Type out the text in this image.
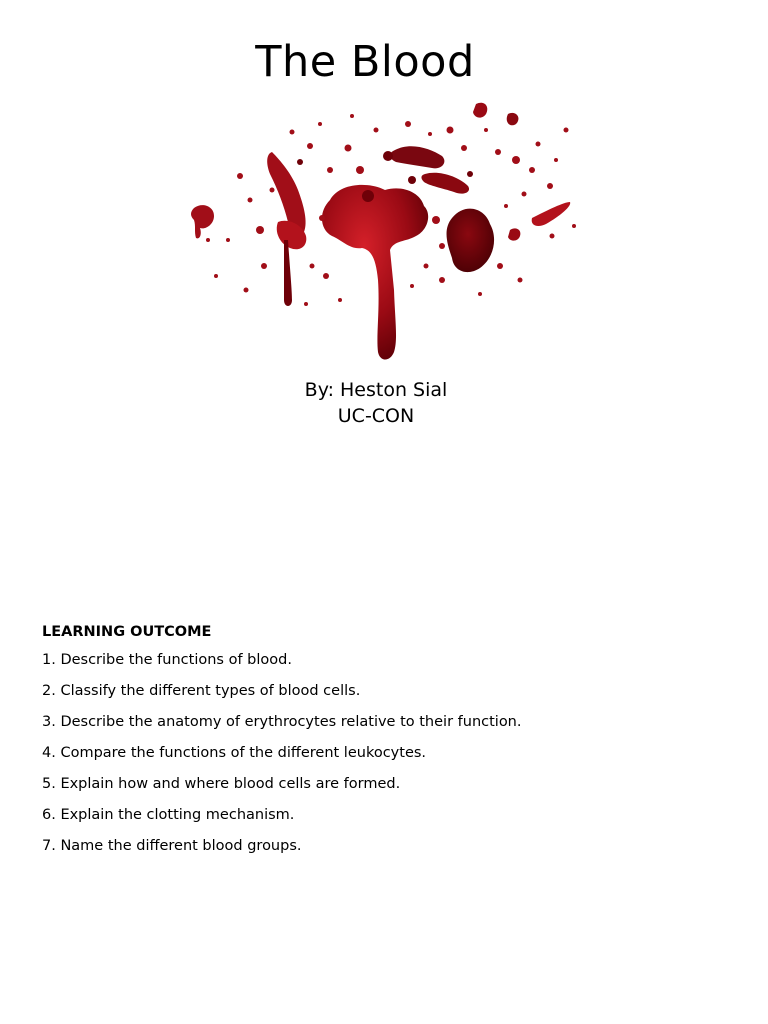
The Blood
By: Heston Sial
UC-CON
LEARNING OUTCOME
1. Describe the functions of blood.
2. Classify the different types of blood cells.
3. Describe the anatomy of erythrocytes relative to their function.
4. Compare the functions of the different leukocytes.
5. Explain how and where blood cells are formed.
6. Explain the clotting mechanism.
7. Name the different blood groups.
